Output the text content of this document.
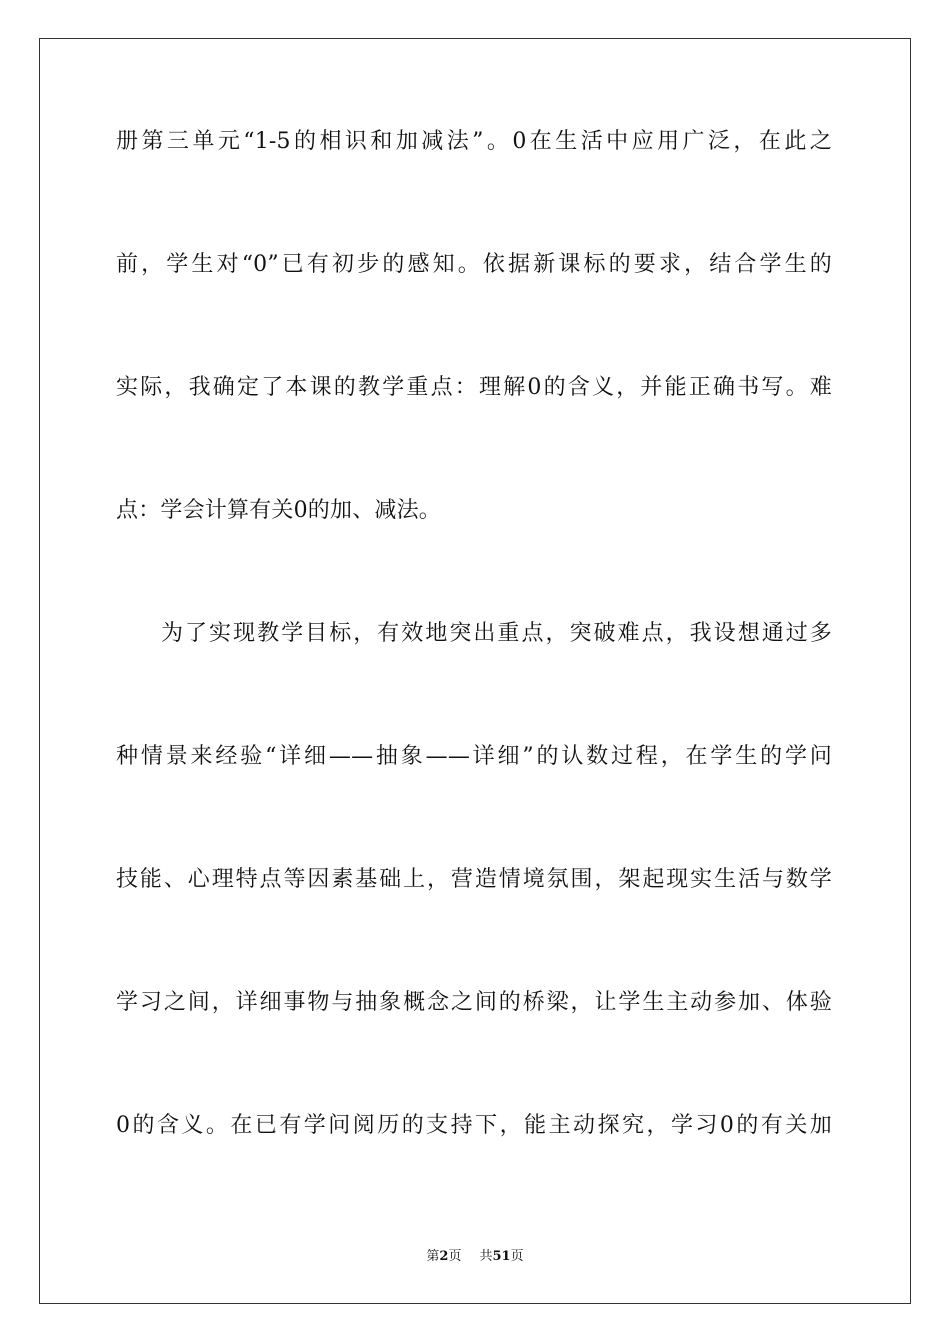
册第三单元“1-5的相识和加减法”。0在生活中应用广泛，在此之
前，学生对“0”已有初步的感知。依据新课标的要求，结合学生的
实际，我确定了本课的教学重点：理解0的含义，并能正确书写。难
点：学会计算有关0的加、减法。
为了实现教学目标，有效地突出重点，突破难点，我设想通过多
种情景来经验“详细——抽象——详细”的认数过程，在学生的学问
技能、心理特点等因素基础上，营造情境氛围，架起现实生活与数学
学习之间，详细事物与抽象概念之间的桥梁，让学生主动参加、体验
0的含义。在已有学问阅历的支持下，能主动探究，学习0的有关加
第2页 共51页
